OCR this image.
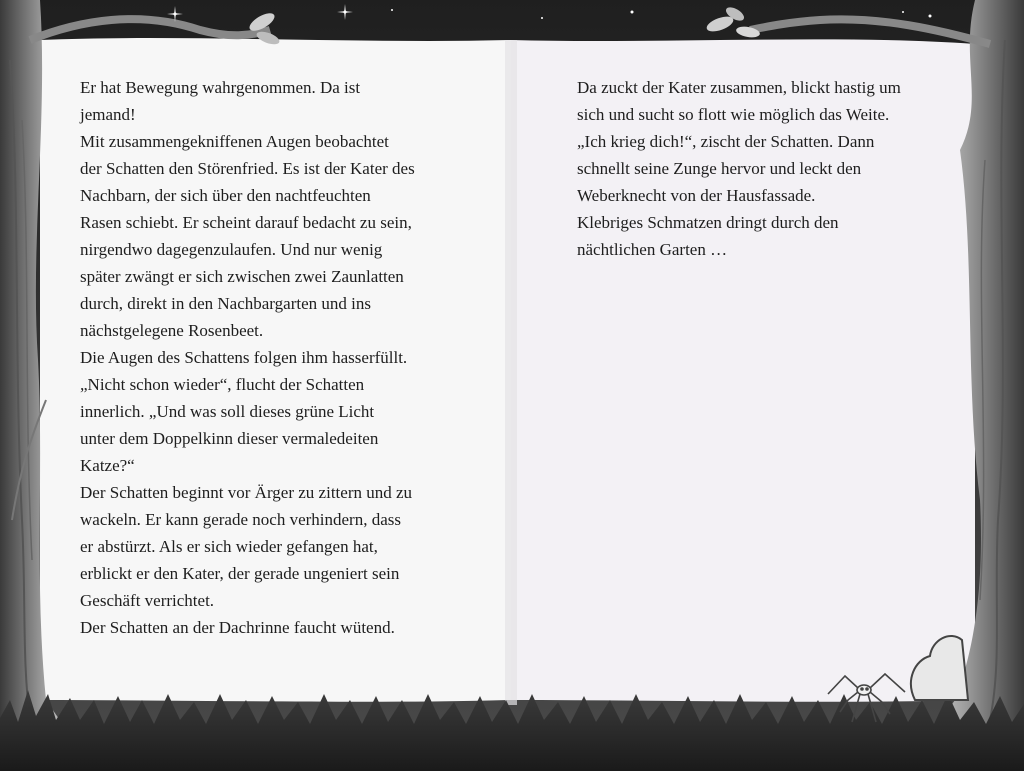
Er hat Bewegung wahrgenommen. Da ist

jemand!

Mit zusammengekniffenen Augen beobachtet

der Schatten den Störenfried. Es ist der Kater des

Nachbarn, der sich über den nachtfeuchten

Rasen schiebt. Er scheint darauf bedacht zu sein,

nirgendwo dagegenzulaufen. Und nur wenig

später zwängt er sich zwischen zwei Zaunlatten

durch, direkt in den Nachbargarten und ins

nächstgelegene Rosenbeet.

Die Augen des Schattens folgen ihm hasserfüllt.

„Nicht schon wieder“, flucht der Schatten

innerlich. „Und was soll dieses grüne Licht

unter dem Doppelkinn dieser vermaledeiten

Katze?“

Der Schatten beginnt vor Ärger zu zittern und zu

wackeln. Er kann gerade noch verhindern, dass

er abstürzt. Als er sich wieder gefangen hat,

erblickt er den Kater, der gerade ungeniert sein

Geschäft verrichtet.

Der Schatten an der Dachrinne faucht wütend.

Da zuckt der Kater zusammen, blickt hastig um

sich und sucht so flott wie möglich das Weite.

„Ich krieg dich!“, zischt der Schatten. Dann

schnellt seine Zunge hervor und leckt den

Weberknecht von der Hausfassade.

Klebriges Schmatzen dringt durch den

nächtlichen Garten …
